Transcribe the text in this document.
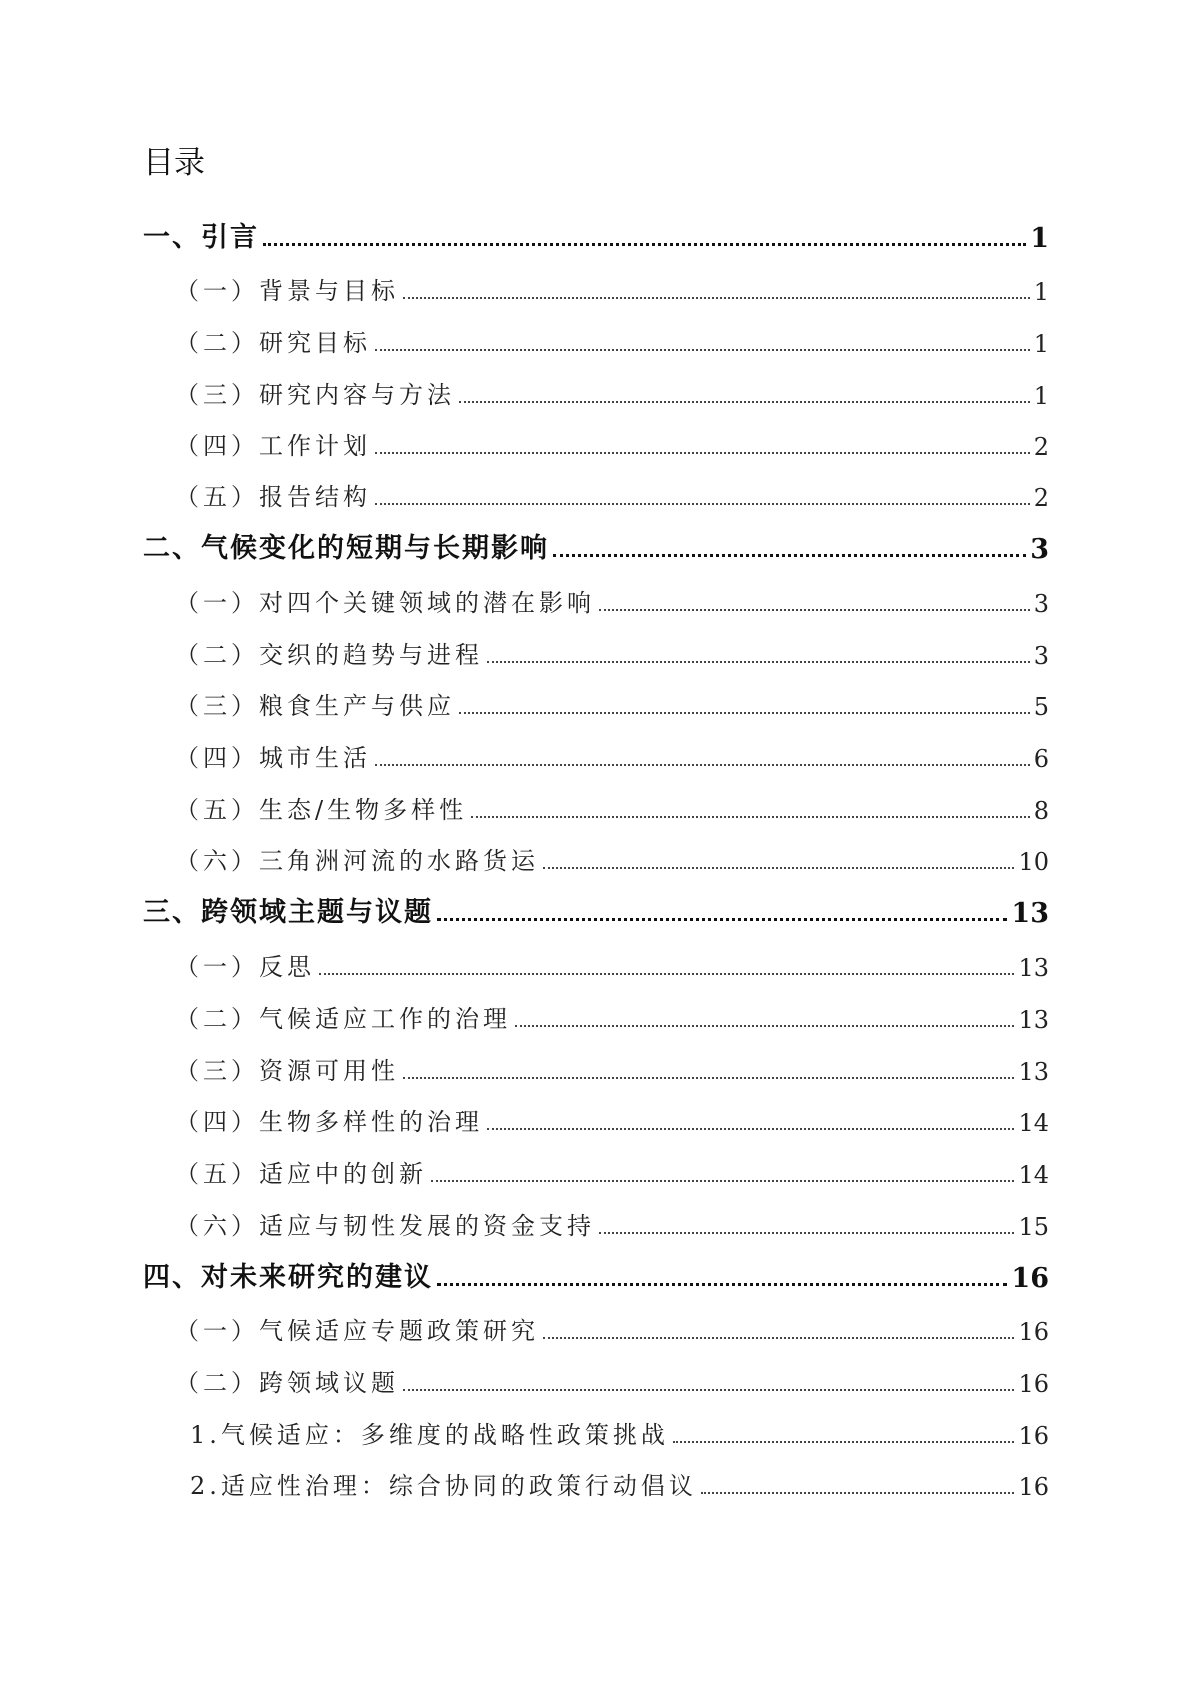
目录
一、引言	1
（一）背景与目标	1
（二）研究目标	1
（三）研究内容与方法	1
（四）工作计划	2
（五）报告结构	2
二、气候变化的短期与长期影响	3
（一）对四个关键领域的潜在影响	3
（二）交织的趋势与进程	3
（三）粮食生产与供应	5
（四）城市生活	6
（五）生态/生物多样性	8
（六）三角洲河流的水路货运	10
三、跨领域主题与议题	13
（一）反思	13
（二）气候适应工作的治理	13
（三）资源可用性	13
（四）生物多样性的治理	14
（五）适应中的创新	14
（六）适应与韧性发展的资金支持	15
四、对未来研究的建议	16
（一）气候适应专题政策研究	16
（二）跨领域议题	16
1.气候适应：多维度的战略性政策挑战	16
2.适应性治理：综合协同的政策行动倡议	16
